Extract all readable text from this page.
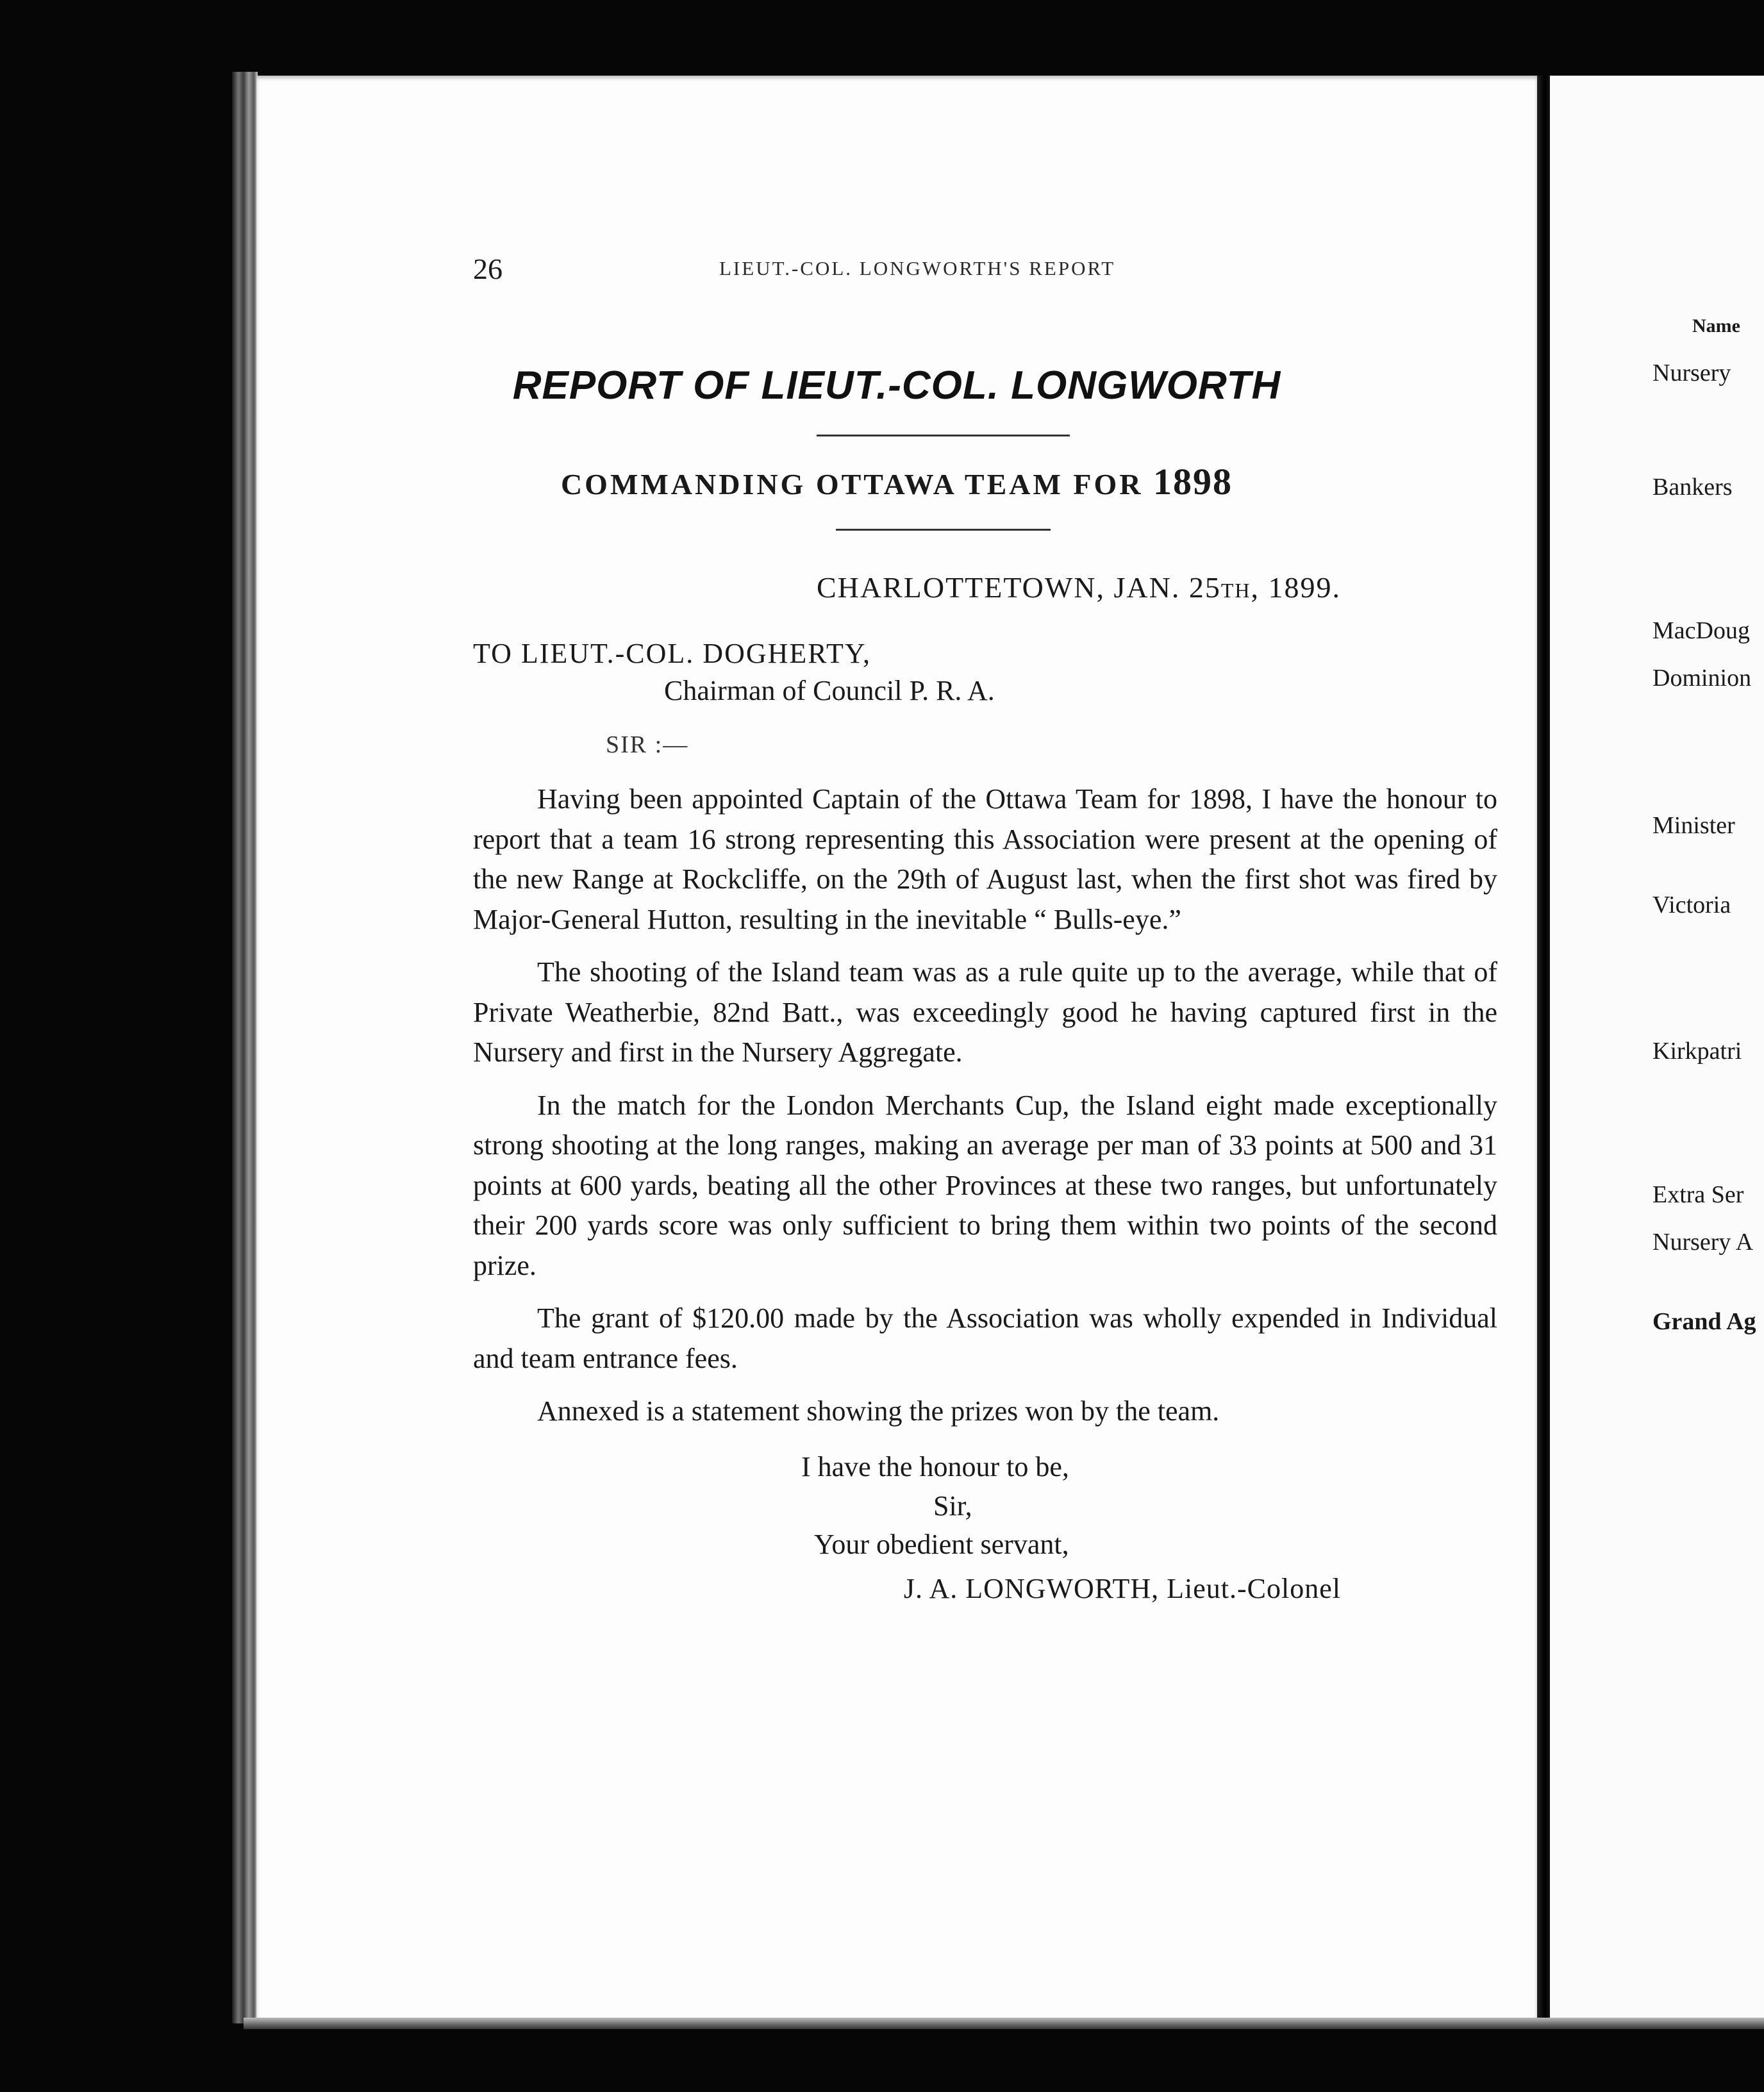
26	LIEUT.-COL. LONGWORTH'S REPORT

REPORT OF LIEUT.-COL. LONGWORTH
COMMANDING OTTAWA TEAM FOR 1898

CHARLOTTETOWN, JAN. 25th, 1899.

TO LIEUT.-COL. DOGHERTY,

Chairman of Council P. R. A.

SIR :—

Having been appointed Captain of the Ottawa Team for 1898, I have the honour to report that a team 16 strong representing this Association were present at the opening of the new Range at Rockcliffe, on the 29th of August last, when the first shot was fired by Major-General Hutton, resulting in the inevitable “ Bulls-eye.”

The shooting of the Island team was as a rule quite up to the average, while that of Private Weatherbie, 82nd Batt., was exceedingly good he having captured first in the Nursery and first in the Nursery Aggregate.

In the match for the London Merchants Cup, the Island eight made exceptionally strong shooting at the long ranges, making an average per man of 33 points at 500 and 31 points at 600 yards, beating all the other Provinces at these two ranges, but unfortunately their 200 yards score was only sufficient to bring them within two points of the second prize.

The grant of $120.00 made by the Association was wholly expended in Individual and team entrance fees.

Annexed is a statement showing the prizes won by the team.

I have the honour to be,

Sir,

Your obedient servant,

J. A. LONGWORTH, Lieut.-Colonel

Name

Nursery

Bankers

MacDoug

Dominion

Minister

Victoria

Kirkpatri

Extra Ser

Nursery A

Grand Ag
